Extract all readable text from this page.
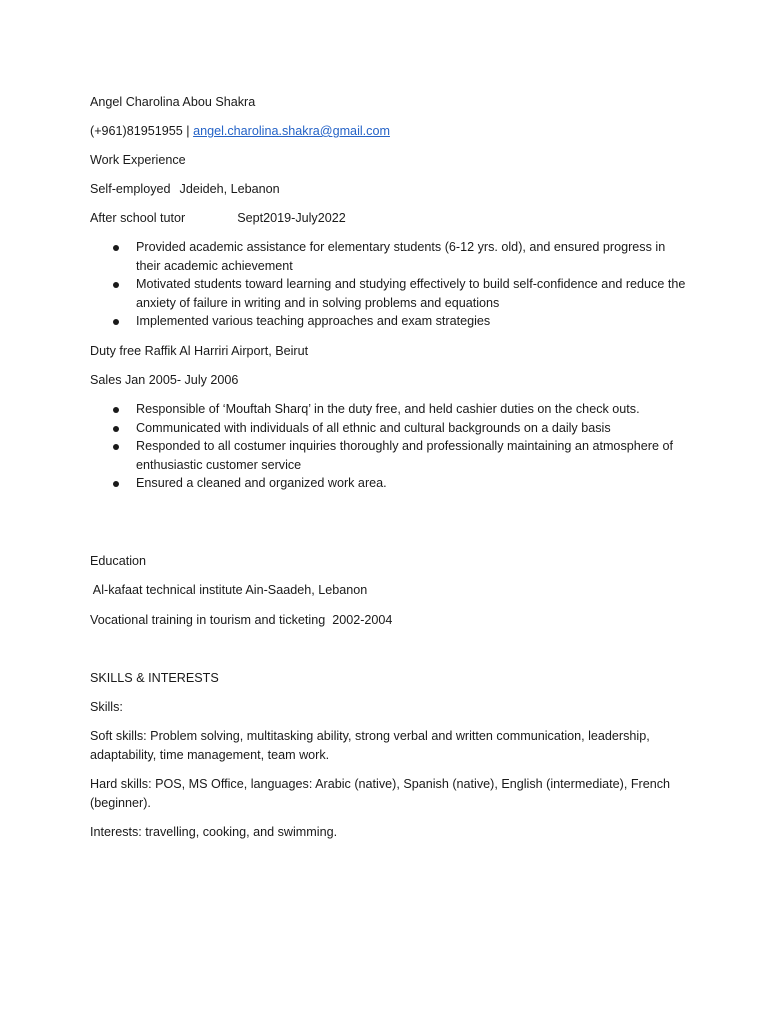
Angel Charolina Abou Shakra
(+961)81951955 | angel.charolina.shakra@gmail.com
Work Experience
Self-employed Jdeideh, Lebanon
After school tutor	Sept2019-July2022
Provided academic assistance for elementary students (6-12 yrs. old), and ensured progress in their academic achievement
Motivated students toward learning and studying effectively to build self-confidence and reduce the anxiety of failure in writing and in solving problems and equations
Implemented various teaching approaches and exam strategies
Duty free Raffik Al Harriri Airport, Beirut
Sales Jan 2005- July 2006
Responsible of ‘Mouftah Sharq’ in the duty free, and held cashier duties on the check outs.
Communicated with individuals of all ethnic and cultural backgrounds on a daily basis
Responded to all costumer inquiries thoroughly and professionally maintaining an atmosphere of enthusiastic customer service
Ensured a cleaned and organized work area.
Education
Al-kafaat technical institute Ain-Saadeh, Lebanon
Vocational training in tourism and ticketing  2002-2004
SKILLS & INTERESTS
Skills:
Soft skills: Problem solving, multitasking ability, strong verbal and written communication, leadership, adaptability, time management, team work.
Hard skills: POS, MS Office, languages: Arabic (native), Spanish (native), English (intermediate), French (beginner).
Interests: travelling, cooking, and swimming.
